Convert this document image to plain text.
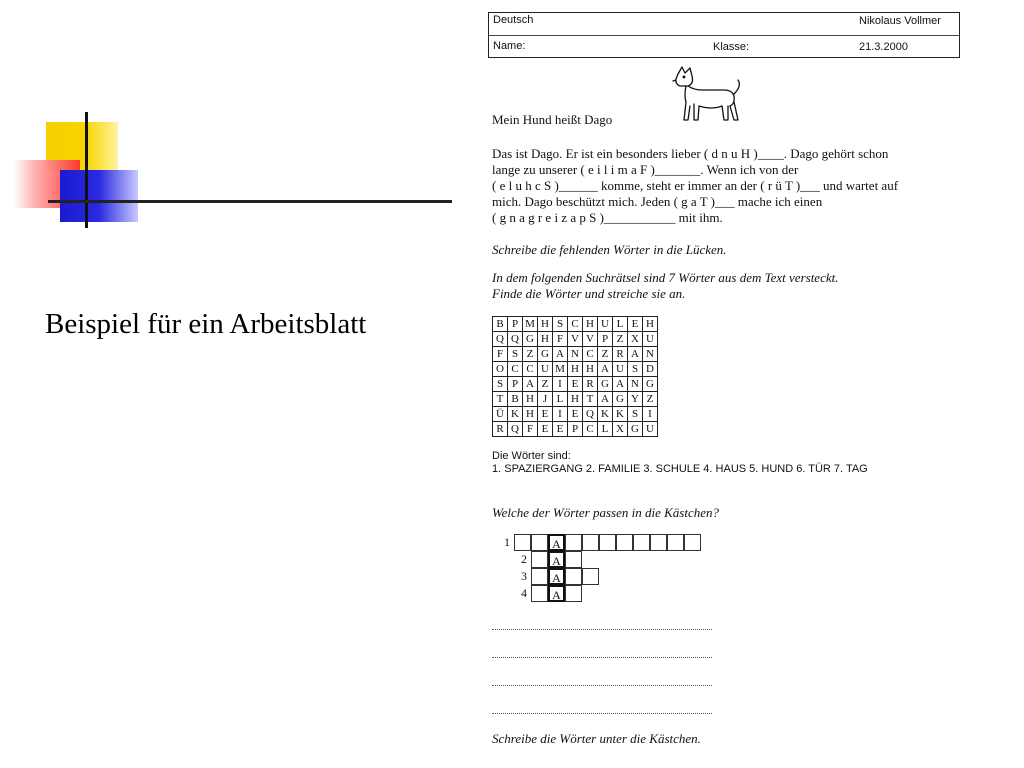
Beispiel für ein Arbeitsblatt
Deutsch	Nikolaus Vollmer
Name:	Klasse:	21.3.2000
Mein Hund heißt Dago
Das ist Dago. Er ist ein besonders lieber ( d n u H )____. Dago gehört schon
lange zu unserer ( e i l i m a F )_______. Wenn ich von der
( e l u h c S )______ komme, steht er immer an der ( r ü T )___ und wartet auf
mich. Dago beschützt mich. Jeden ( g a T )___ mache ich einen
( g n a g r e i z a p S )___________ mit ihm.
Schreibe die fehlenden Wörter in die Lücken.
In dem folgenden Suchrätsel sind 7 Wörter aus dem Text versteckt.
Finde die Wörter und streiche sie an.
B	P	M	H	S	C	H	U	L	E	H
Q	Q	G	H	F	V	V	P	Z	X	U
F	S	Z	G	A	N	C	Z	R	A	N
O	C	C	U	M	H	H	A	U	S	D
S	P	A	Z	I	E	R	G	A	N	G
T	B	H	J	L	H	T	A	G	Y	Z
Ü	K	H	E	I	E	Q	K	K	S	I
R	Q	F	E	E	P	C	L	X	G	U
Die Wörter sind:
1. SPAZIERGANG 2. FAMILIE 3. SCHULE 4. HAUS 5. HUND 6. TÜR 7. TAG
Welche der Wörter passen in die Kästchen?
1	A
2	A
3	A
4	A
Schreibe die Wörter unter die Kästchen.
